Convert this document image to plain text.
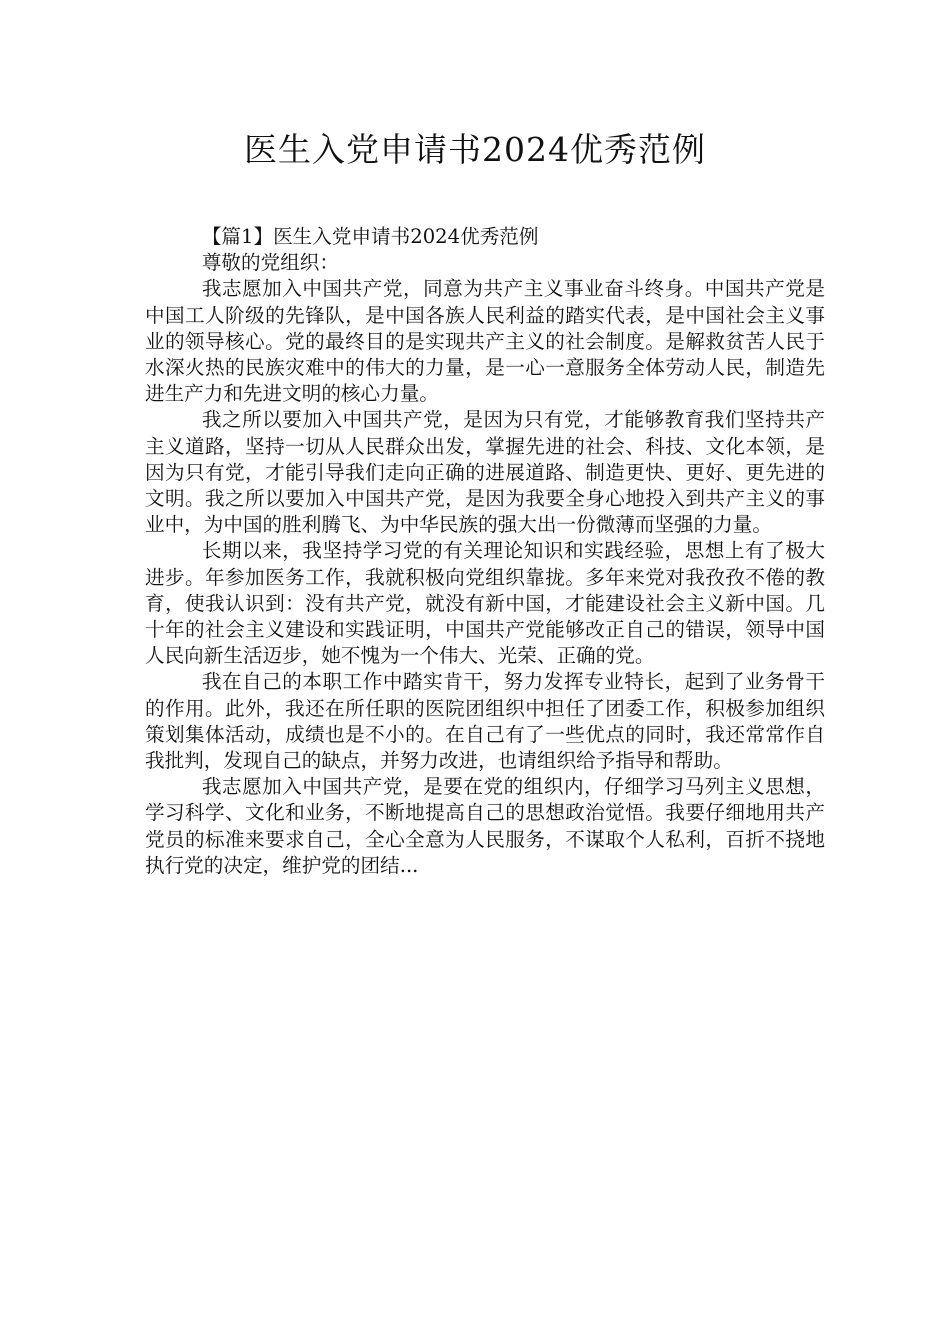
医生入党申请书2024优秀范例

【篇1】医生入党申请书2024优秀范例

尊敬的党组织：

我志愿加入中国共产党，同意为共产主义事业奋斗终身。中国共产党是中国工人阶级的先锋队，是中国各族人民利益的踏实代表，是中国社会主义事业的领导核心。党的最终目的是实现共产主义的社会制度。是解救贫苦人民于水深火热的民族灾难中的伟大的力量，是一心一意服务全体劳动人民，制造先进生产力和先进文明的核心力量。

我之所以要加入中国共产党，是因为只有党，才能够教育我们坚持共产主义道路，坚持一切从人民群众出发，掌握先进的社会、科技、文化本领，是因为只有党，才能引导我们走向正确的进展道路、制造更快、更好、更先进的文明。我之所以要加入中国共产党，是因为我要全身心地投入到共产主义的事业中，为中国的胜利腾飞、为中华民族的强大出一份微薄而坚强的力量。

长期以来，我坚持学习党的有关理论知识和实践经验，思想上有了极大进步。年参加医务工作，我就积极向党组织靠拢。多年来党对我孜孜不倦的教育，使我认识到：没有共产党，就没有新中国，才能建设社会主义新中国。几十年的社会主义建设和实践证明，中国共产党能够改正自己的错误，领导中国人民向新生活迈步，她不愧为一个伟大、光荣、正确的党。

我在自己的本职工作中踏实肯干，努力发挥专业特长，起到了业务骨干的作用。此外，我还在所任职的医院团组织中担任了团委工作，积极参加组织策划集体活动，成绩也是不小的。在自己有了一些优点的同时，我还常常作自我批判，发现自己的缺点，并努力改进，也请组织给予指导和帮助。

我志愿加入中国共产党，是要在党的组织内，仔细学习马列主义思想，学习科学、文化和业务，不断地提高自己的思想政治觉悟。我要仔细地用共产党员的标准来要求自己，全心全意为人民服务，不谋取个人私利，百折不挠地执行党的决定，维护党的团结...
